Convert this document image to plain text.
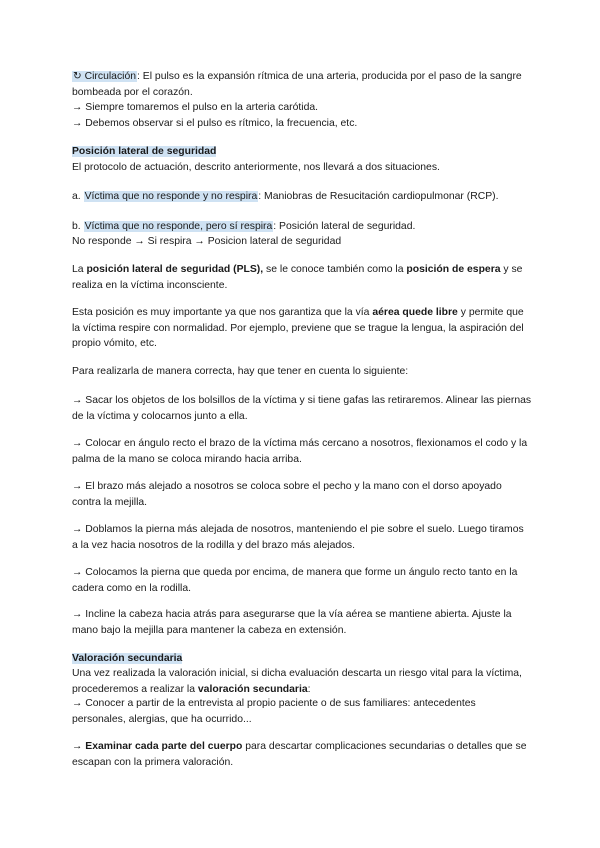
↻ Circulación: El pulso es la expansión rítmica de una arteria, producida por el paso de la sangre bombeada por el corazón.

→ Siempre tomaremos el pulso en la arteria carótida.

→ Debemos observar si el pulso es rítmico, la frecuencia, etc.

Posición lateral de seguridad

El protocolo de actuación, descrito anteriormente, nos llevará a dos situaciones.

a. Víctima que no responde y no respira: Maniobras de Resucitación cardiopulmonar (RCP).

b. Víctima que no responde, pero sí respira: Posición lateral de seguridad.

No responde → Si respira → Posicion lateral de seguridad

La posición lateral de seguridad (PLS), se le conoce también como la posición de espera y se realiza en la víctima inconsciente.

Esta posición es muy importante ya que nos garantiza que la vía aérea quede libre y permite que la víctima respire con normalidad. Por ejemplo, previene que se trague la lengua, la aspiración del propio vómito, etc.

Para realizarla de manera correcta, hay que tener en cuenta lo siguiente:

→ Sacar los objetos de los bolsillos de la víctima y si tiene gafas las retiraremos. Alinear las piernas de la víctima y colocarnos junto a ella.

→ Colocar en ángulo recto el brazo de la víctima más cercano a nosotros, flexionamos el codo y la palma de la mano se coloca mirando hacia arriba.

→ El brazo más alejado a nosotros se coloca sobre el pecho y la mano con el dorso apoyado contra la mejilla.

→ Doblamos la pierna más alejada de nosotros, manteniendo el pie sobre el suelo. Luego tiramos a la vez hacia nosotros de la rodilla y del brazo más alejados.

→ Colocamos la pierna que queda por encima, de manera que forme un ángulo recto tanto en la cadera como en la rodilla.

→ Incline la cabeza hacia atrás para asegurarse que la vía aérea se mantiene abierta. Ajuste la mano bajo la mejilla para mantener la cabeza en extensión.

Valoración secundaria

Una vez realizada la valoración inicial, si dicha evaluación descarta un riesgo vital para la víctima, procederemos a realizar la valoración secundaria:

→ Conocer a partir de la entrevista al propio paciente o de sus familiares: antecedentes personales, alergias, que ha ocurrido...

→ Examinar cada parte del cuerpo para descartar complicaciones secundarias o detalles que se escapan con la primera valoración.
